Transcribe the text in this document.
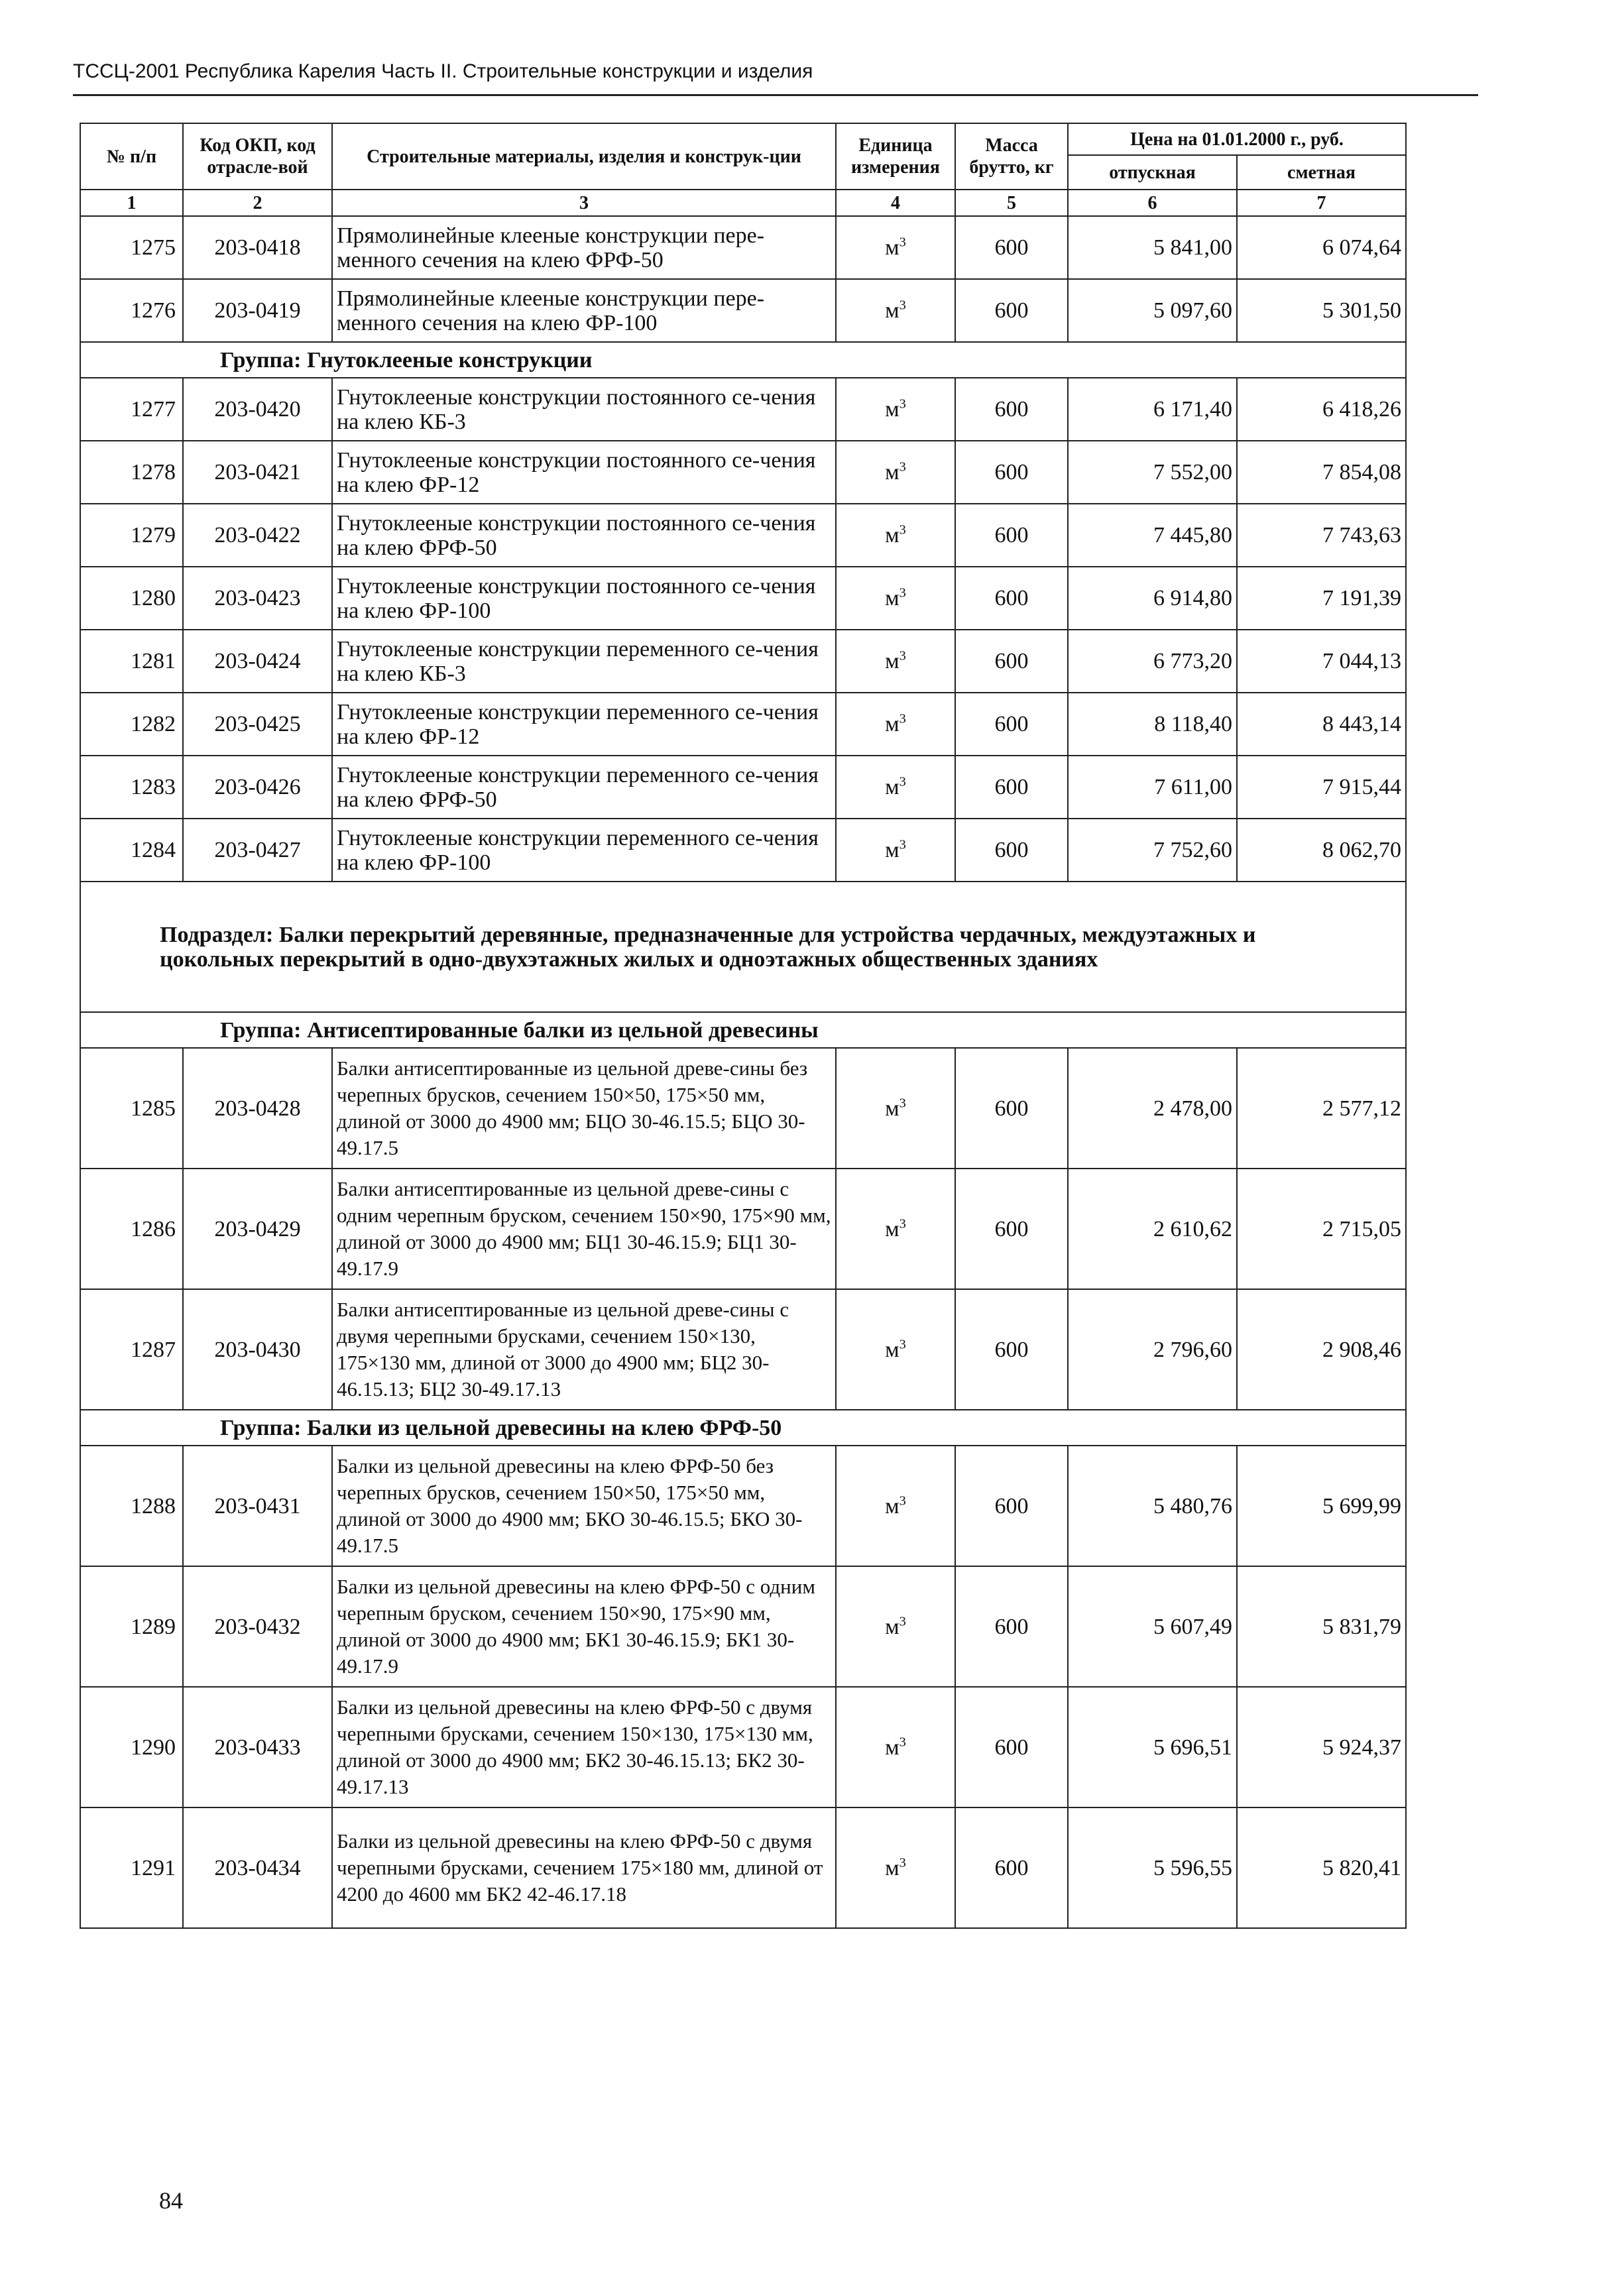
ТССЦ-2001 Республика Карелия Часть II. Строительные конструкции и изделия
№ п/п	Код ОКП, код отрасле-вой	Строительные материалы, изделия и конструк-ции	Единица измерения	Масса брутто, кг	Цена на 01.01.2000 г., руб.	
					отпускная	сметная
1	2	3	4	5	6	7
1275	203-0418	Прямолинейные клееные конструкции пере-менного сечения на клею ФРФ-50	$м^3$	600	5 841,00	6 074,64
1276	203-0419	Прямолинейные клееные конструкции пере-менного сечения на клею ФР-100	$м^3$	600	5 097,60	5 301,50
Группа: Гнутоклееные конструкции						
1277	203-0420	Гнутоклееные конструкции постоянного се-чения на клею КБ-3	$м^3$	600	6 171,40	6 418,26
1278	203-0421	Гнутоклееные конструкции постоянного се-чения на клею ФР-12	$м^3$	600	7 552,00	7 854,08
1279	203-0422	Гнутоклееные конструкции постоянного се-чения на клею ФРФ-50	$м^3$	600	7 445,80	7 743,63
1280	203-0423	Гнутоклееные конструкции постоянного се-чения на клею ФР-100	$м^3$	600	6 914,80	7 191,39
1281	203-0424	Гнутоклееные конструкции переменного се-чения на клею КБ-3	$м^3$	600	6 773,20	7 044,13
1282	203-0425	Гнутоклееные конструкции переменного се-чения на клею ФР-12	$м^3$	600	8 118,40	8 443,14
1283	203-0426	Гнутоклееные конструкции переменного се-чения на клею ФРФ-50	$м^3$	600	7 611,00	7 915,44
1284	203-0427	Гнутоклееные конструкции переменного се-чения на клею ФР-100	$м^3$	600	7 752,60	8 062,70
Подраздел: Балки перекрытий деревянные, предназначенные для устройства чердачных, междуэтажных и цокольных перекрытий в одно-двухэтажных жилых и одноэтажных общественных зданиях						
Группа: Антисептированные балки из цельной древесины						
1285	203-0428	Балки антисептированные из цельной древе-сины без черепных брусков, сечением 150×50, 175×50 мм, длиной от 3000 до 4900 мм; БЦО 30-46.15.5; БЦО 30-49.17.5	$м^3$	600	2 478,00	2 577,12
1286	203-0429	Балки антисептированные из цельной древе-сины с одним черепным бруском, сечением 150×90, 175×90 мм, длиной от 3000 до 4900 мм; БЦ1 30-46.15.9; БЦ1 30-49.17.9	$м^3$	600	2 610,62	2 715,05
1287	203-0430	Балки антисептированные из цельной древе-сины с двумя черепными брусками, сечением 150×130, 175×130 мм, длиной от 3000 до 4900 мм; БЦ2 30-46.15.13; БЦ2 30-49.17.13	$м^3$	600	2 796,60	2 908,46
Группа: Балки из цельной древесины на клею ФРФ-50						
1288	203-0431	Балки из цельной древесины на клею ФРФ-50 без черепных брусков, сечением 150×50, 175×50 мм, длиной от 3000 до 4900 мм; БКО 30-46.15.5; БКО 30-49.17.5	$м^3$	600	5 480,76	5 699,99
1289	203-0432	Балки из цельной древесины на клею ФРФ-50 с одним черепным бруском, сечением 150×90, 175×90 мм, длиной от 3000 до 4900 мм; БК1 30-46.15.9; БК1 30-49.17.9	$м^3$	600	5 607,49	5 831,79
1290	203-0433	Балки из цельной древесины на клею ФРФ-50 с двумя черепными брусками, сечением 150×130, 175×130 мм, длиной от 3000 до 4900 мм; БК2 30-46.15.13; БК2 30-49.17.13	$м^3$	600	5 696,51	5 924,37
1291	203-0434	Балки из цельной древесины на клею ФРФ-50 с двумя черепными брусками, сечением 175×180 мм, длиной от 4200 до 4600 мм БК2 42-46.17.18	$м^3$	600	5 596,55	5 820,41
84
